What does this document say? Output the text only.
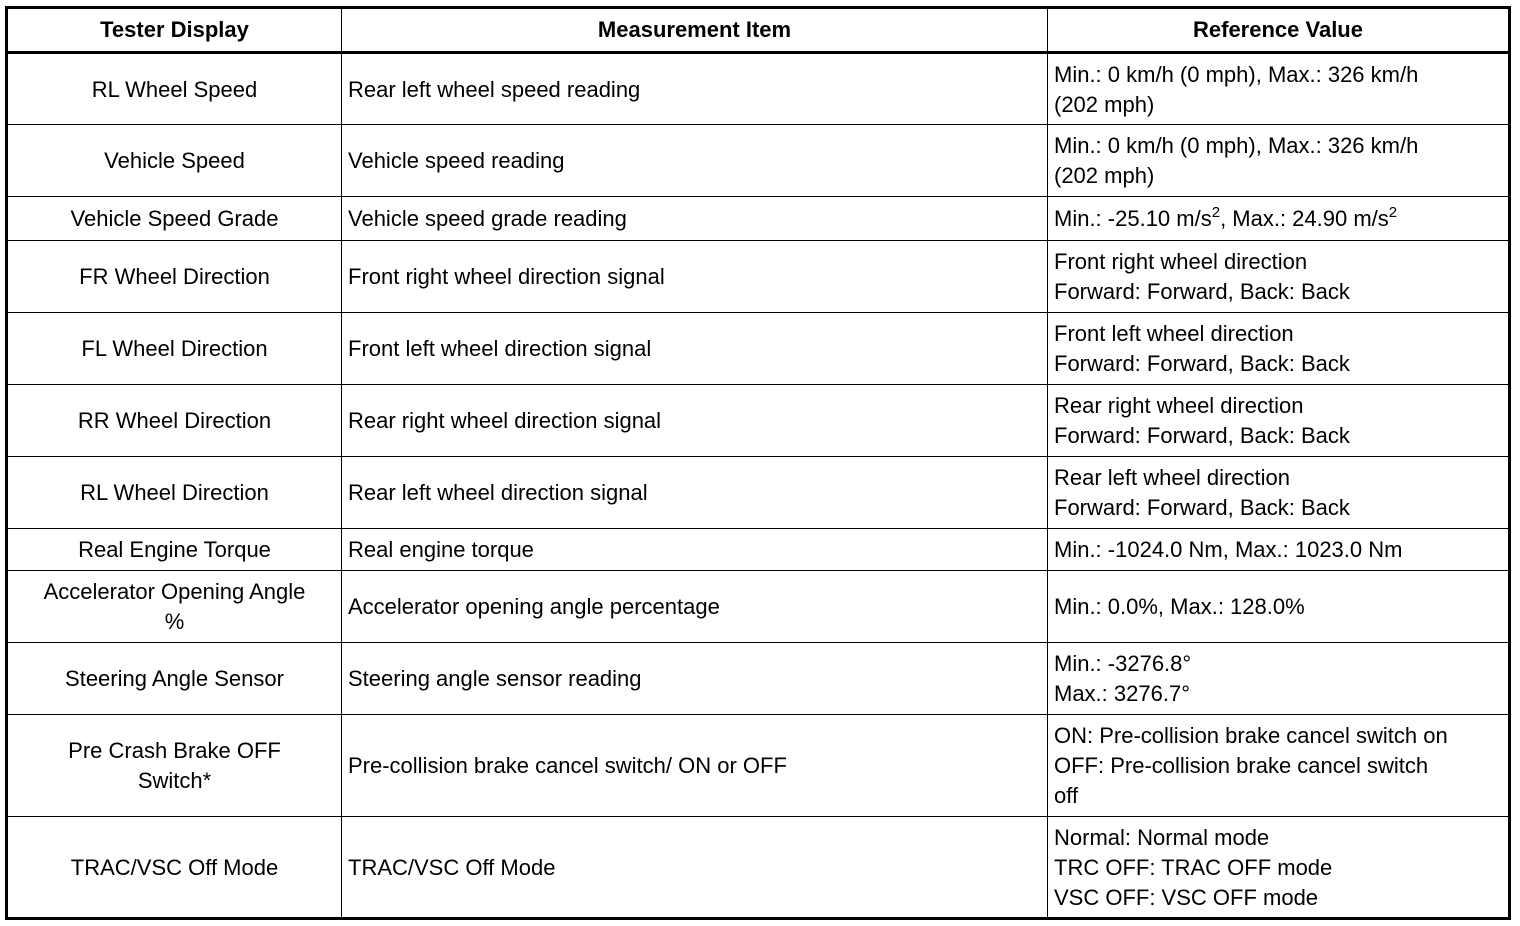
Tester Display	Measurement Item	Reference Value
RL Wheel Speed	Rear left wheel speed reading	Min.: 0 km/h (0 mph), Max.: 326 km/h
(202 mph)

Vehicle Speed	Vehicle speed reading	Min.: 0 km/h (0 mph), Max.: 326 km/h
(202 mph)

Vehicle Speed Grade	Vehicle speed grade reading	Min.: -25.10 $m/s^2$, Max.: 24.90 $m/s^2$

FR Wheel Direction	Front right wheel direction signal	Front right wheel direction
Forward: Forward, Back: Back

FL Wheel Direction	Front left wheel direction signal	Front left wheel direction
Forward: Forward, Back: Back

RR Wheel Direction	Rear right wheel direction signal	Rear right wheel direction
Forward: Forward, Back: Back

RL Wheel Direction	Rear left wheel direction signal	Rear left wheel direction
Forward: Forward, Back: Back

Real Engine Torque	Real engine torque	Min.: -1024.0 Nm, Max.: 1023.0 Nm

Accelerator Opening Angle
%	Accelerator opening angle percentage	Min.: 0.0%, Max.: 128.0%

Steering Angle Sensor	Steering angle sensor reading	Min.: -3276.8°
Max.: 3276.7°

Pre Crash Brake OFF
Switch*	Pre-collision brake cancel switch/ ON or OFF	ON: Pre-collision brake cancel switch on
OFF: Pre-collision brake cancel switch
off

TRAC/VSC Off Mode	TRAC/VSC Off Mode	Normal: Normal mode
TRC OFF: TRAC OFF mode
VSC OFF: VSC OFF mode
